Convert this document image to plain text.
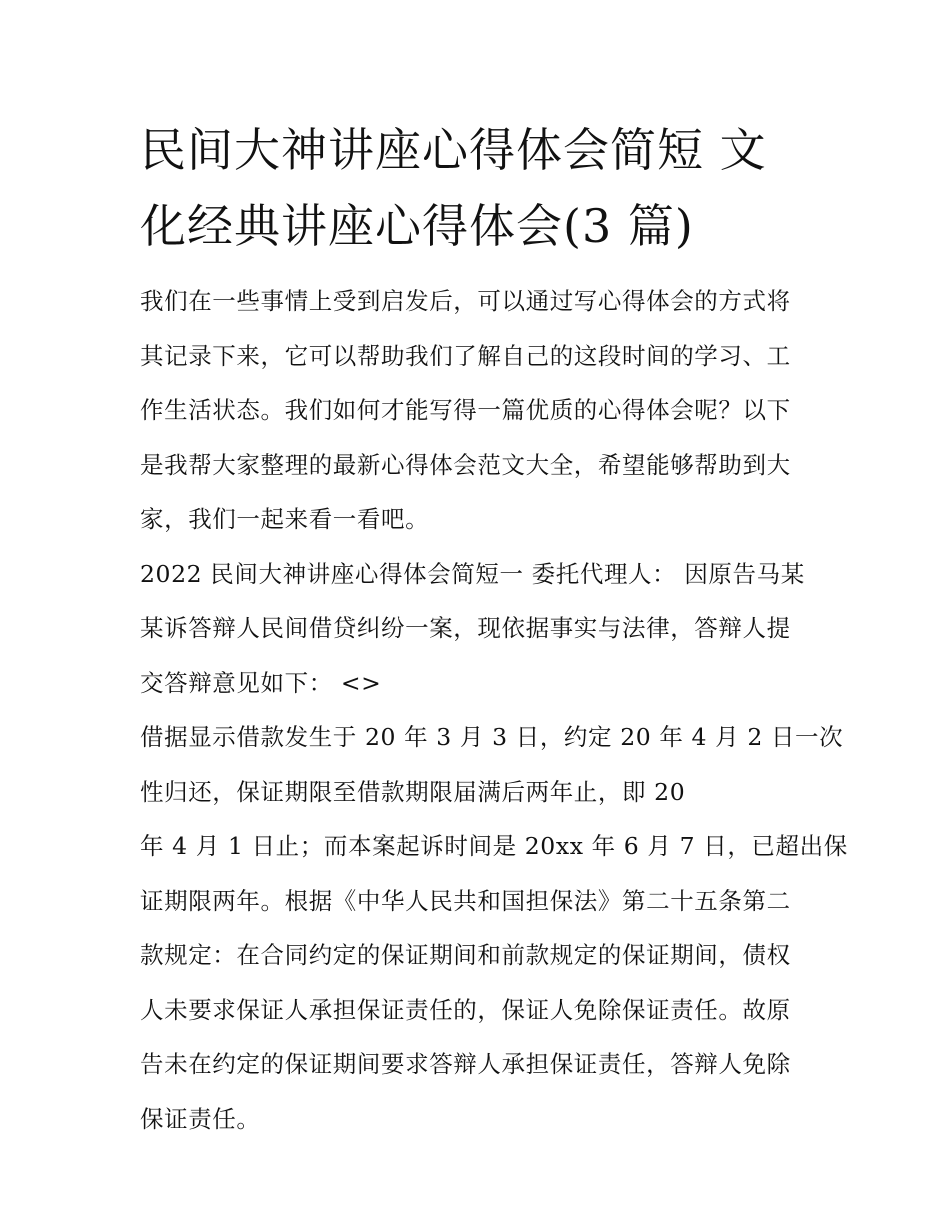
民间大神讲座心得体会简短 文
化经典讲座心得体会(3 篇)
我们在一些事情上受到启发后，可以通过写心得体会的方式将
其记录下来，它可以帮助我们了解自己的这段时间的学习、工
作生活状态。我们如何才能写得一篇优质的心得体会呢？以下
是我帮大家整理的最新心得体会范文大全，希望能够帮助到大
家，我们一起来看一看吧。
2022 民间大神讲座心得体会简短一 委托代理人： 因原告马某
某诉答辩人民间借贷纠纷一案，现依据事实与法律，答辩人提
交答辩意见如下： <>
借据显示借款发生于 20 年 3 月 3 日，约定 20 年 4 月 2 日一次
性归还，保证期限至借款期限届满后两年止，即 20
年 4 月 1 日止；而本案起诉时间是 20xx 年 6 月 7 日，已超出保
证期限两年。根据《中华人民共和国担保法》第二十五条第二
款规定：在合同约定的保证期间和前款规定的保证期间，债权
人未要求保证人承担保证责任的，保证人免除保证责任。故原
告未在约定的保证期间要求答辩人承担保证责任，答辩人免除
保证责任。
